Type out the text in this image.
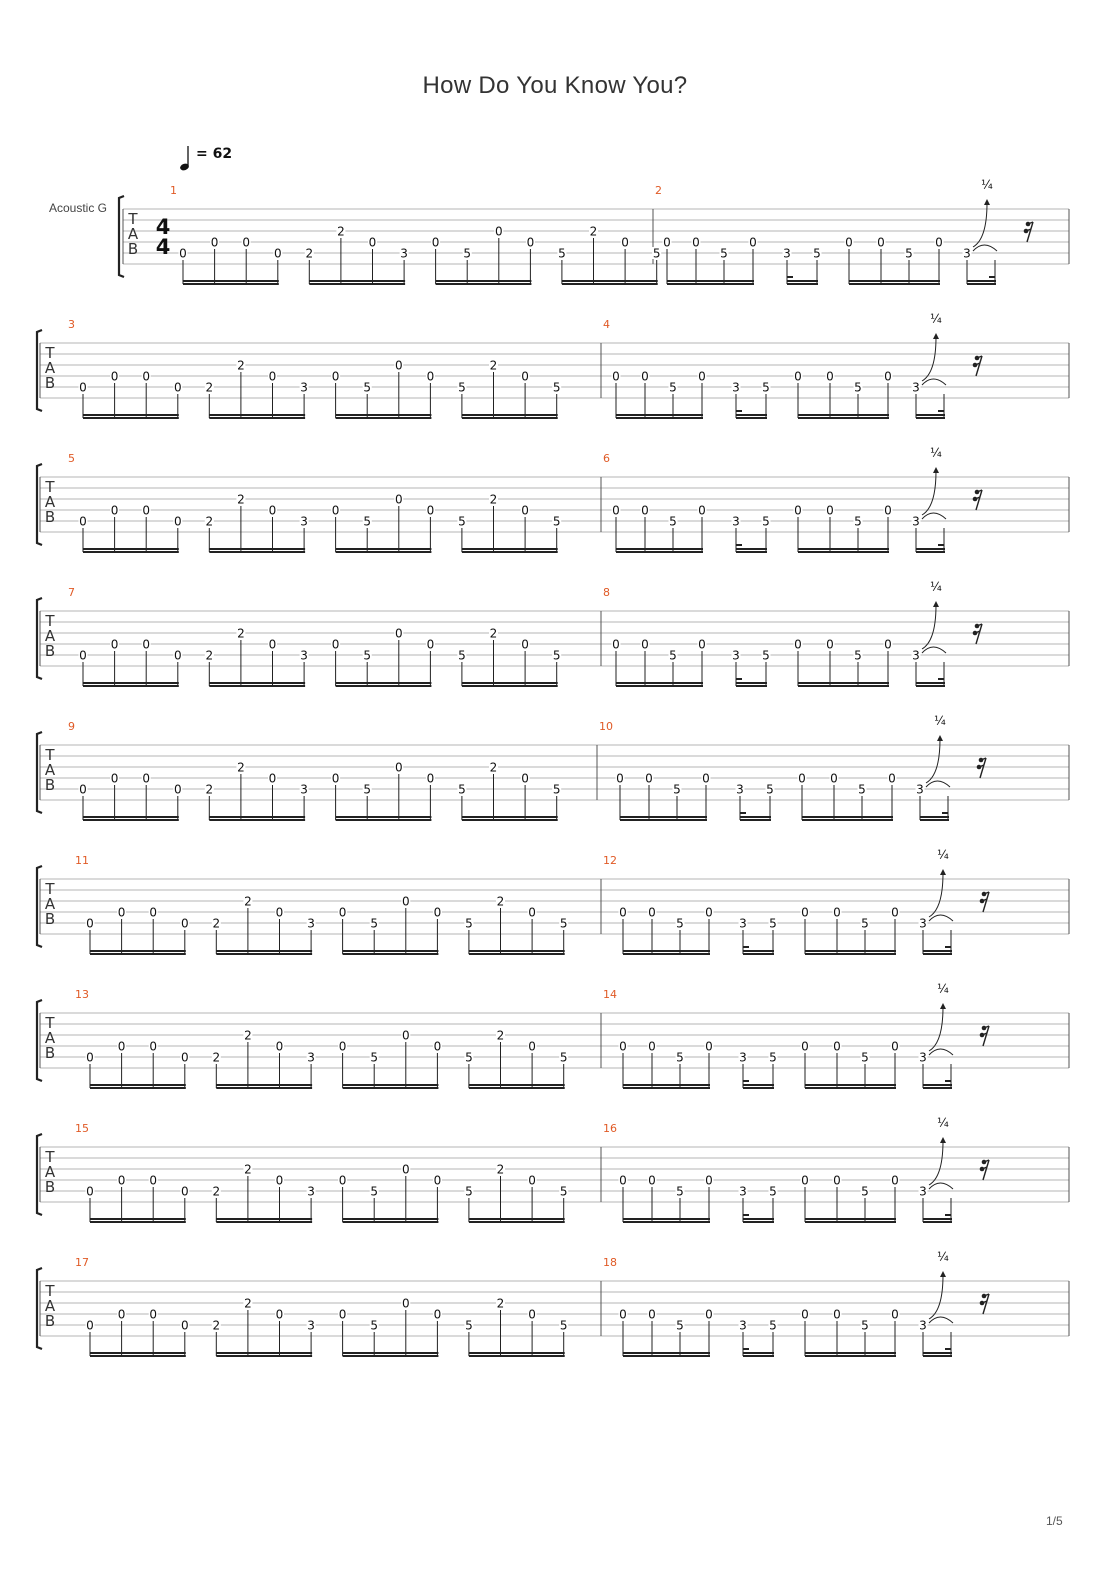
How Do You Know You?
= 62
Acoustic G
T
A
B
4
4
1	2
0
0 0
0 2
2
0
3
0
5
0
0
5
2
0
5
0 0
5
0
3 5
0 0
5
0
3
¼
T
A
B
3	4
0
0 0
0 2
2
0
3
0
5
0
0
5
2
0
5
0 0
5
0
3 5
0 0
5
0
3
¼
T
A
B
5	6
0
0 0
0 2
2
0
3
0
5
0
0
5
2
0
5
0 0
5
0
3 5
0 0
5
0
3
¼
T
A
B
7	8
0
0 0
0 2
2
0
3
0
5
0
0
5
2
0
5
0 0
5
0
3 5
0 0
5
0
3
¼
T
A
B
9	10
0
0 0
0 2
2
0
3
0
5
0
0
5
2
0
5
0 0
5
0
3 5
0 0
5
0
3
¼
T
A
B
11	12
0
0 0
0 2
2
0
3
0
5
0
0
5
2
0
5
0 0
5
0
3 5
0 0
5
0
3
¼
T
A
B
13	14
0
0 0
0 2
2
0
3
0
5
0
0
5
2
0
5
0 0
5
0
3 5
0 0
5
0
3
¼
T
A
B
15	16
0
0 0
0 2
2
0
3
0
5
0
0
5
2
0
5
0 0
5
0
3 5
0 0
5
0
3
¼
T
A
B
17	18
0
0 0
0 2
2
0
3
0
5
0
0
5
2
0
5
0 0
5
0
3 5
0 0
5
0
3
¼
1/5
